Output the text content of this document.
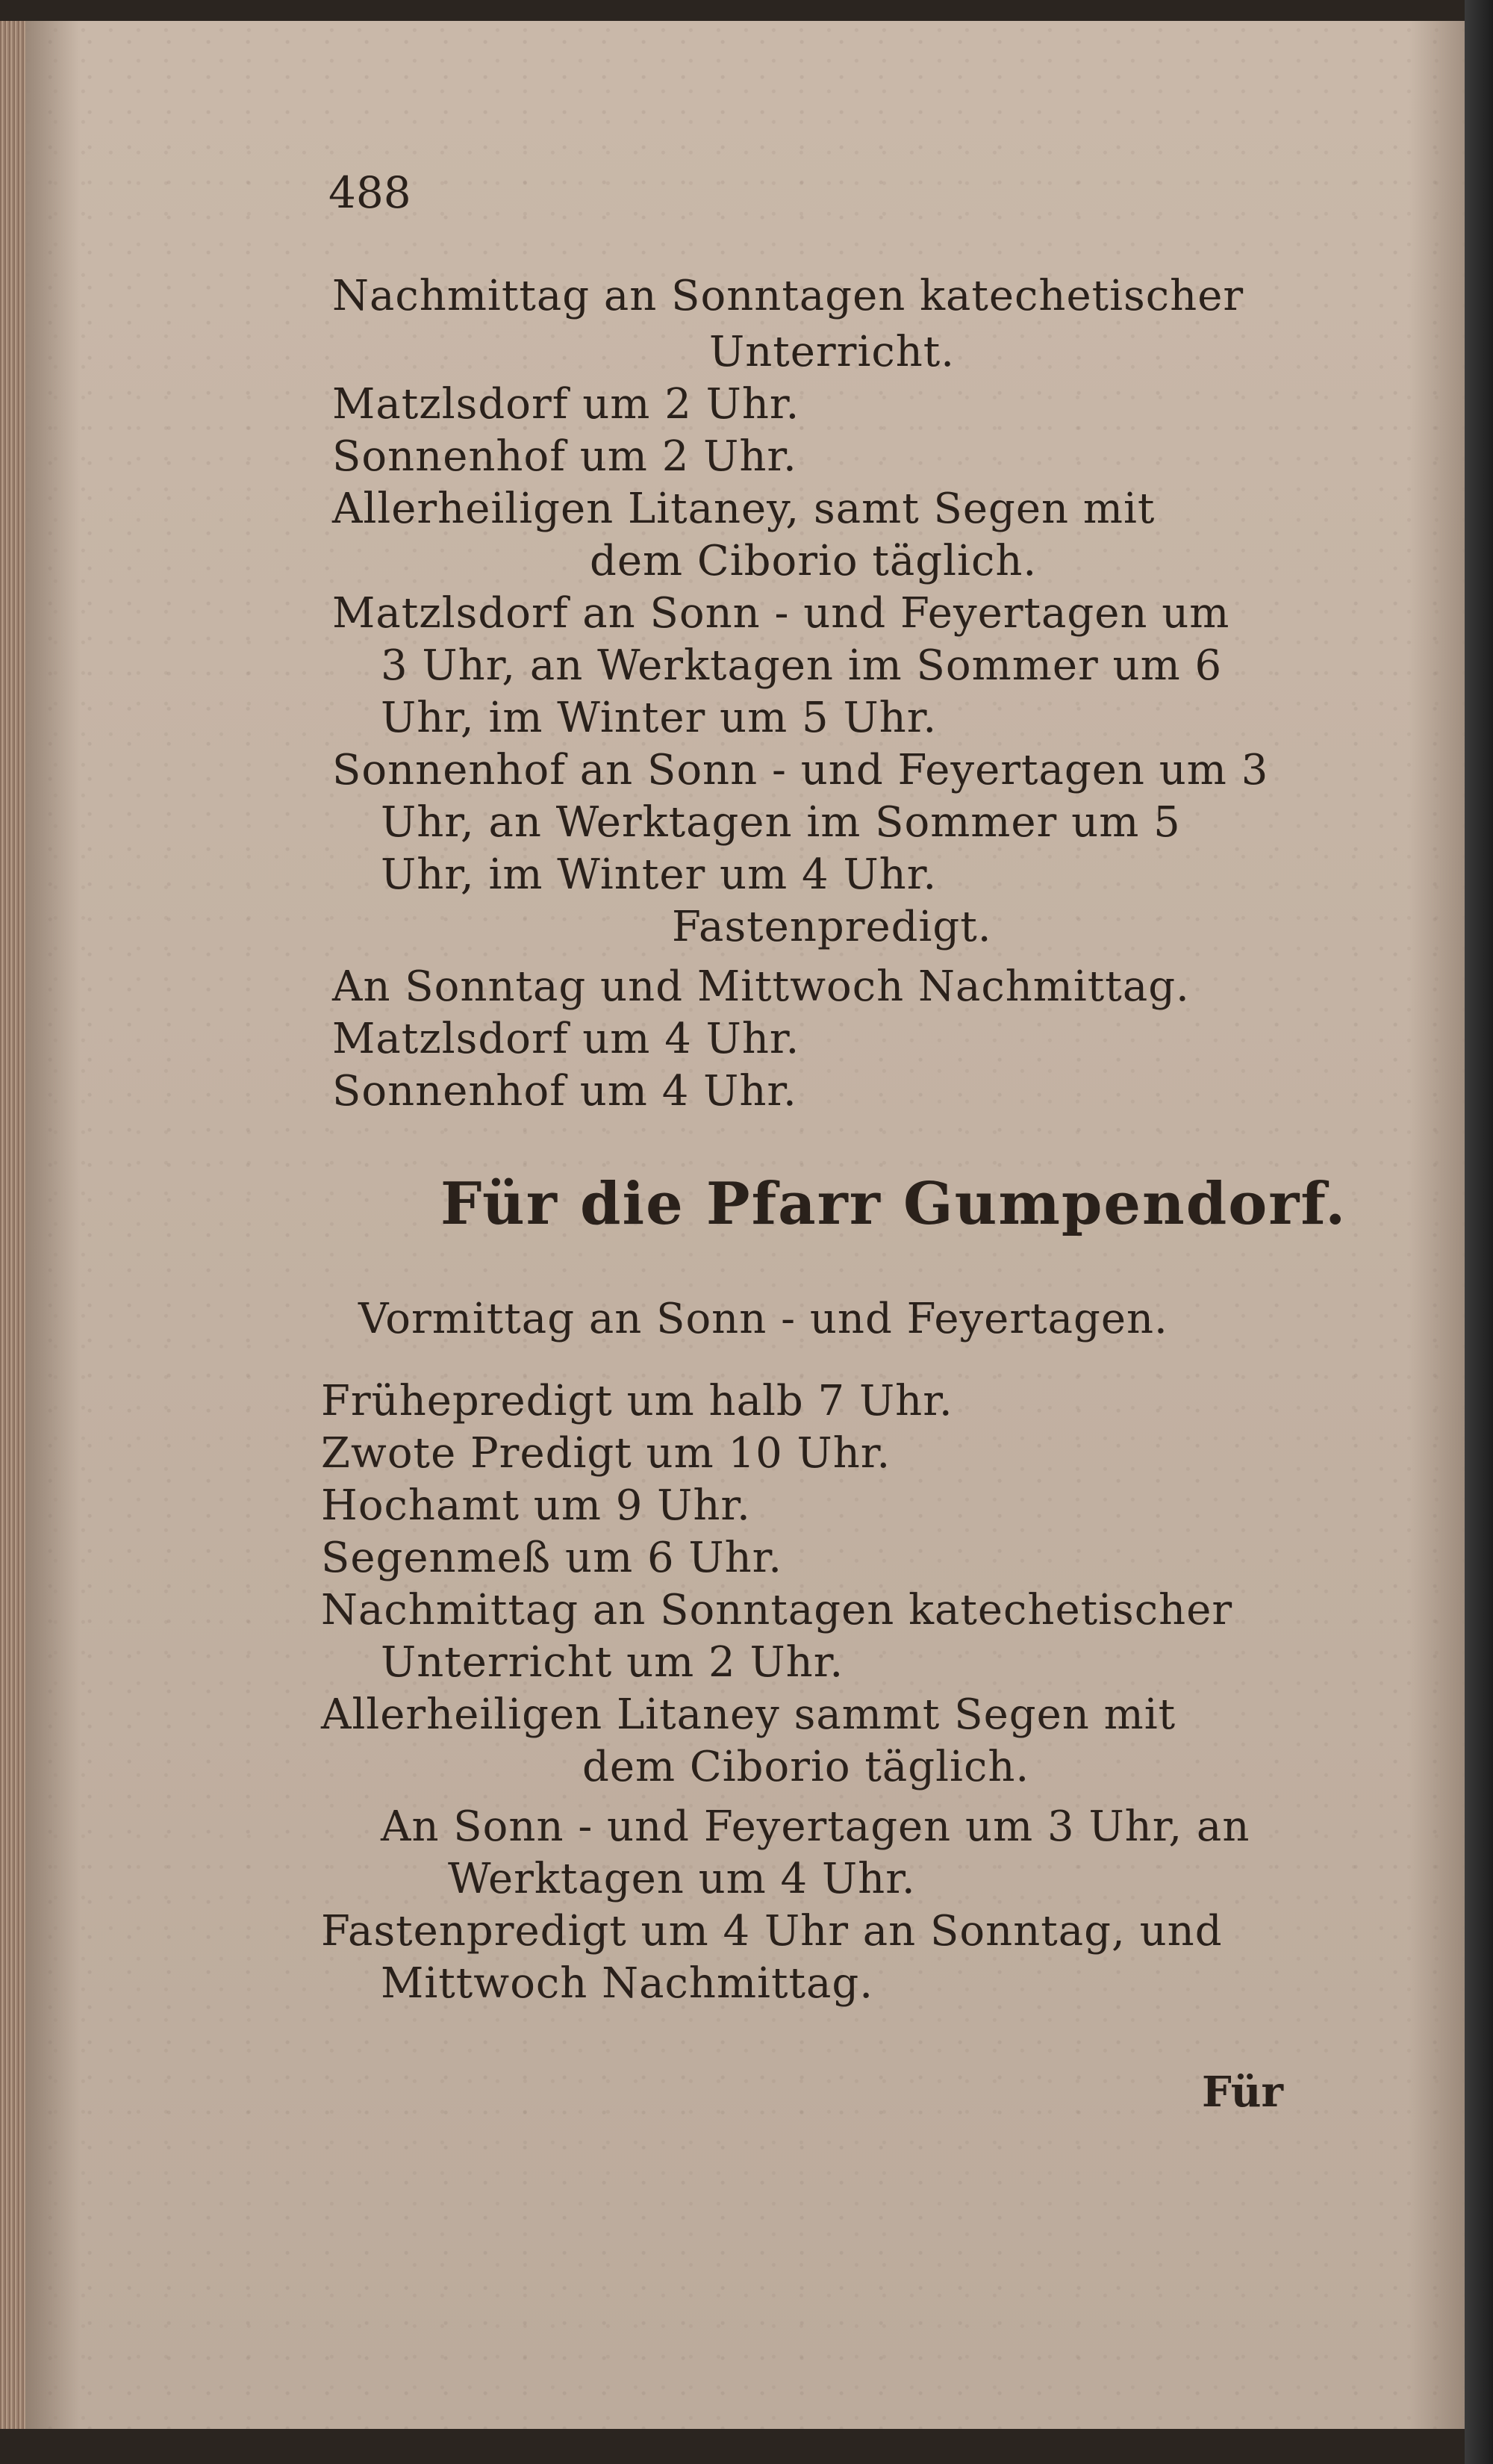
488
Nachmittag an Sonntagen katechetischer
Unterricht.
Matzlsdorf um 2 Uhr.
Sonnenhof um 2 Uhr.
Allerheiligen Litaney, samt Segen mit
dem Ciborio täglich.
Matzlsdorf an Sonn - und Feyertagen um
3 Uhr, an Werktagen im Sommer um 6
Uhr, im Winter um 5 Uhr.
Sonnenhof an Sonn - und Feyertagen um 3
Uhr, an Werktagen im Sommer um 5
Uhr, im Winter um 4 Uhr.
Fastenpredigt.
An Sonntag und Mittwoch Nachmittag.
Matzlsdorf um 4 Uhr.
Sonnenhof um 4 Uhr.
Für die Pfarr Gumpendorf.
Vormittag an Sonn - und Feyertagen.
Frühepredigt um halb 7 Uhr.
Zwote Predigt um 10 Uhr.
Hochamt um 9 Uhr.
Segenmeß um 6 Uhr.
Nachmittag an Sonntagen katechetischer
Unterricht um 2 Uhr.
Allerheiligen Litaney sammt Segen mit
dem Ciborio täglich.
An Sonn - und Feyertagen um 3 Uhr, an
Werktagen um 4 Uhr.
Fastenpredigt um 4 Uhr an Sonntag, und
Mittwoch Nachmittag.
Für
